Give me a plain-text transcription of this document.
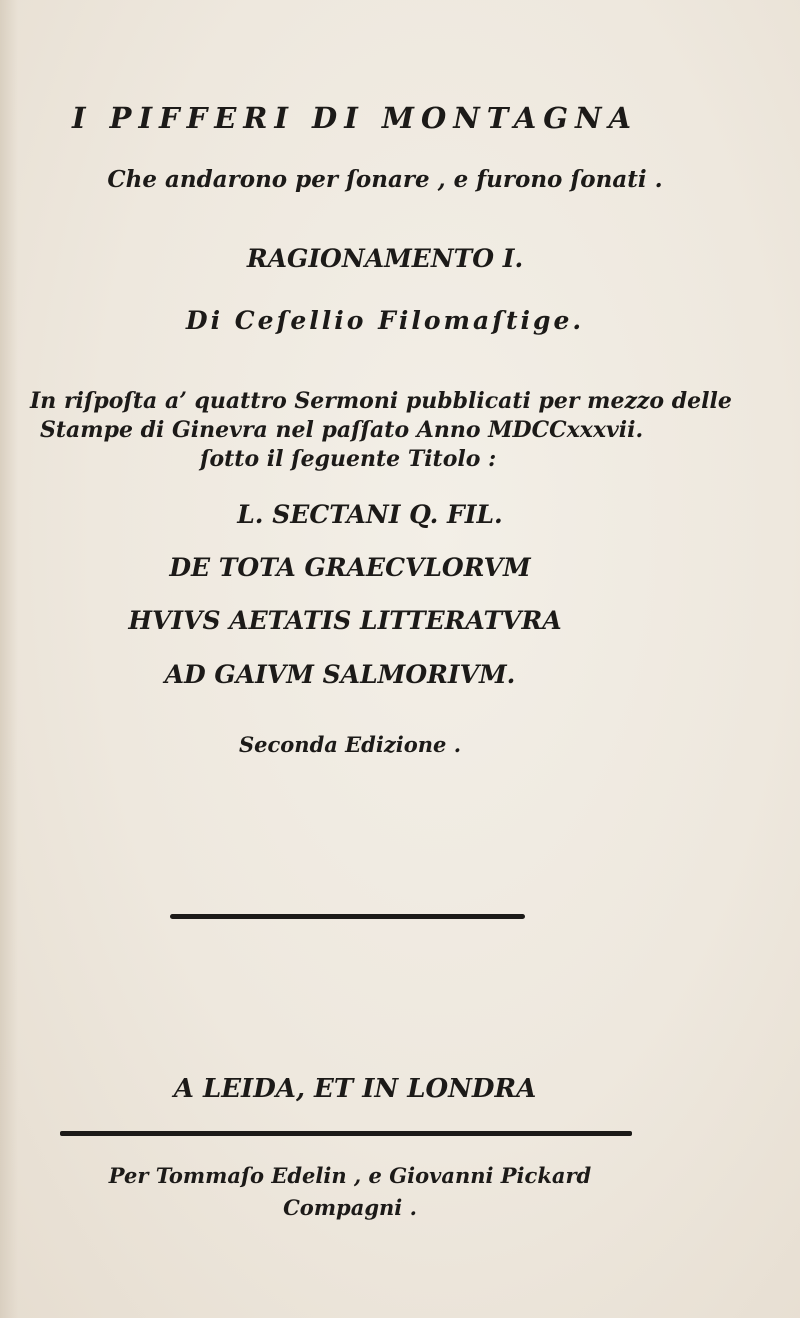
I PIFFERI DI MONTAGNA
Che andarono per ſonare , e furono ſonati .
RAGIONAMENTO I.
Di Ceſellio Filomaſtige.
In riſpoſta a’ quattro Sermoni pubblicati per mezzo delle
Stampe di Ginevra nel paſſato Anno MDCCxxxvii.
ſotto il ſeguente Titolo :
L. SECTANI Q. FIL.
DE TOTA GRAECVLORVM
HVIVS AETATIS LITTERATVRA
AD GAIVM SALMORIVM.
Seconda Edizione .
A LEIDA, ET IN LONDRA
Per Tommaſo Edelin , e Giovanni Pickard
Compagni .
